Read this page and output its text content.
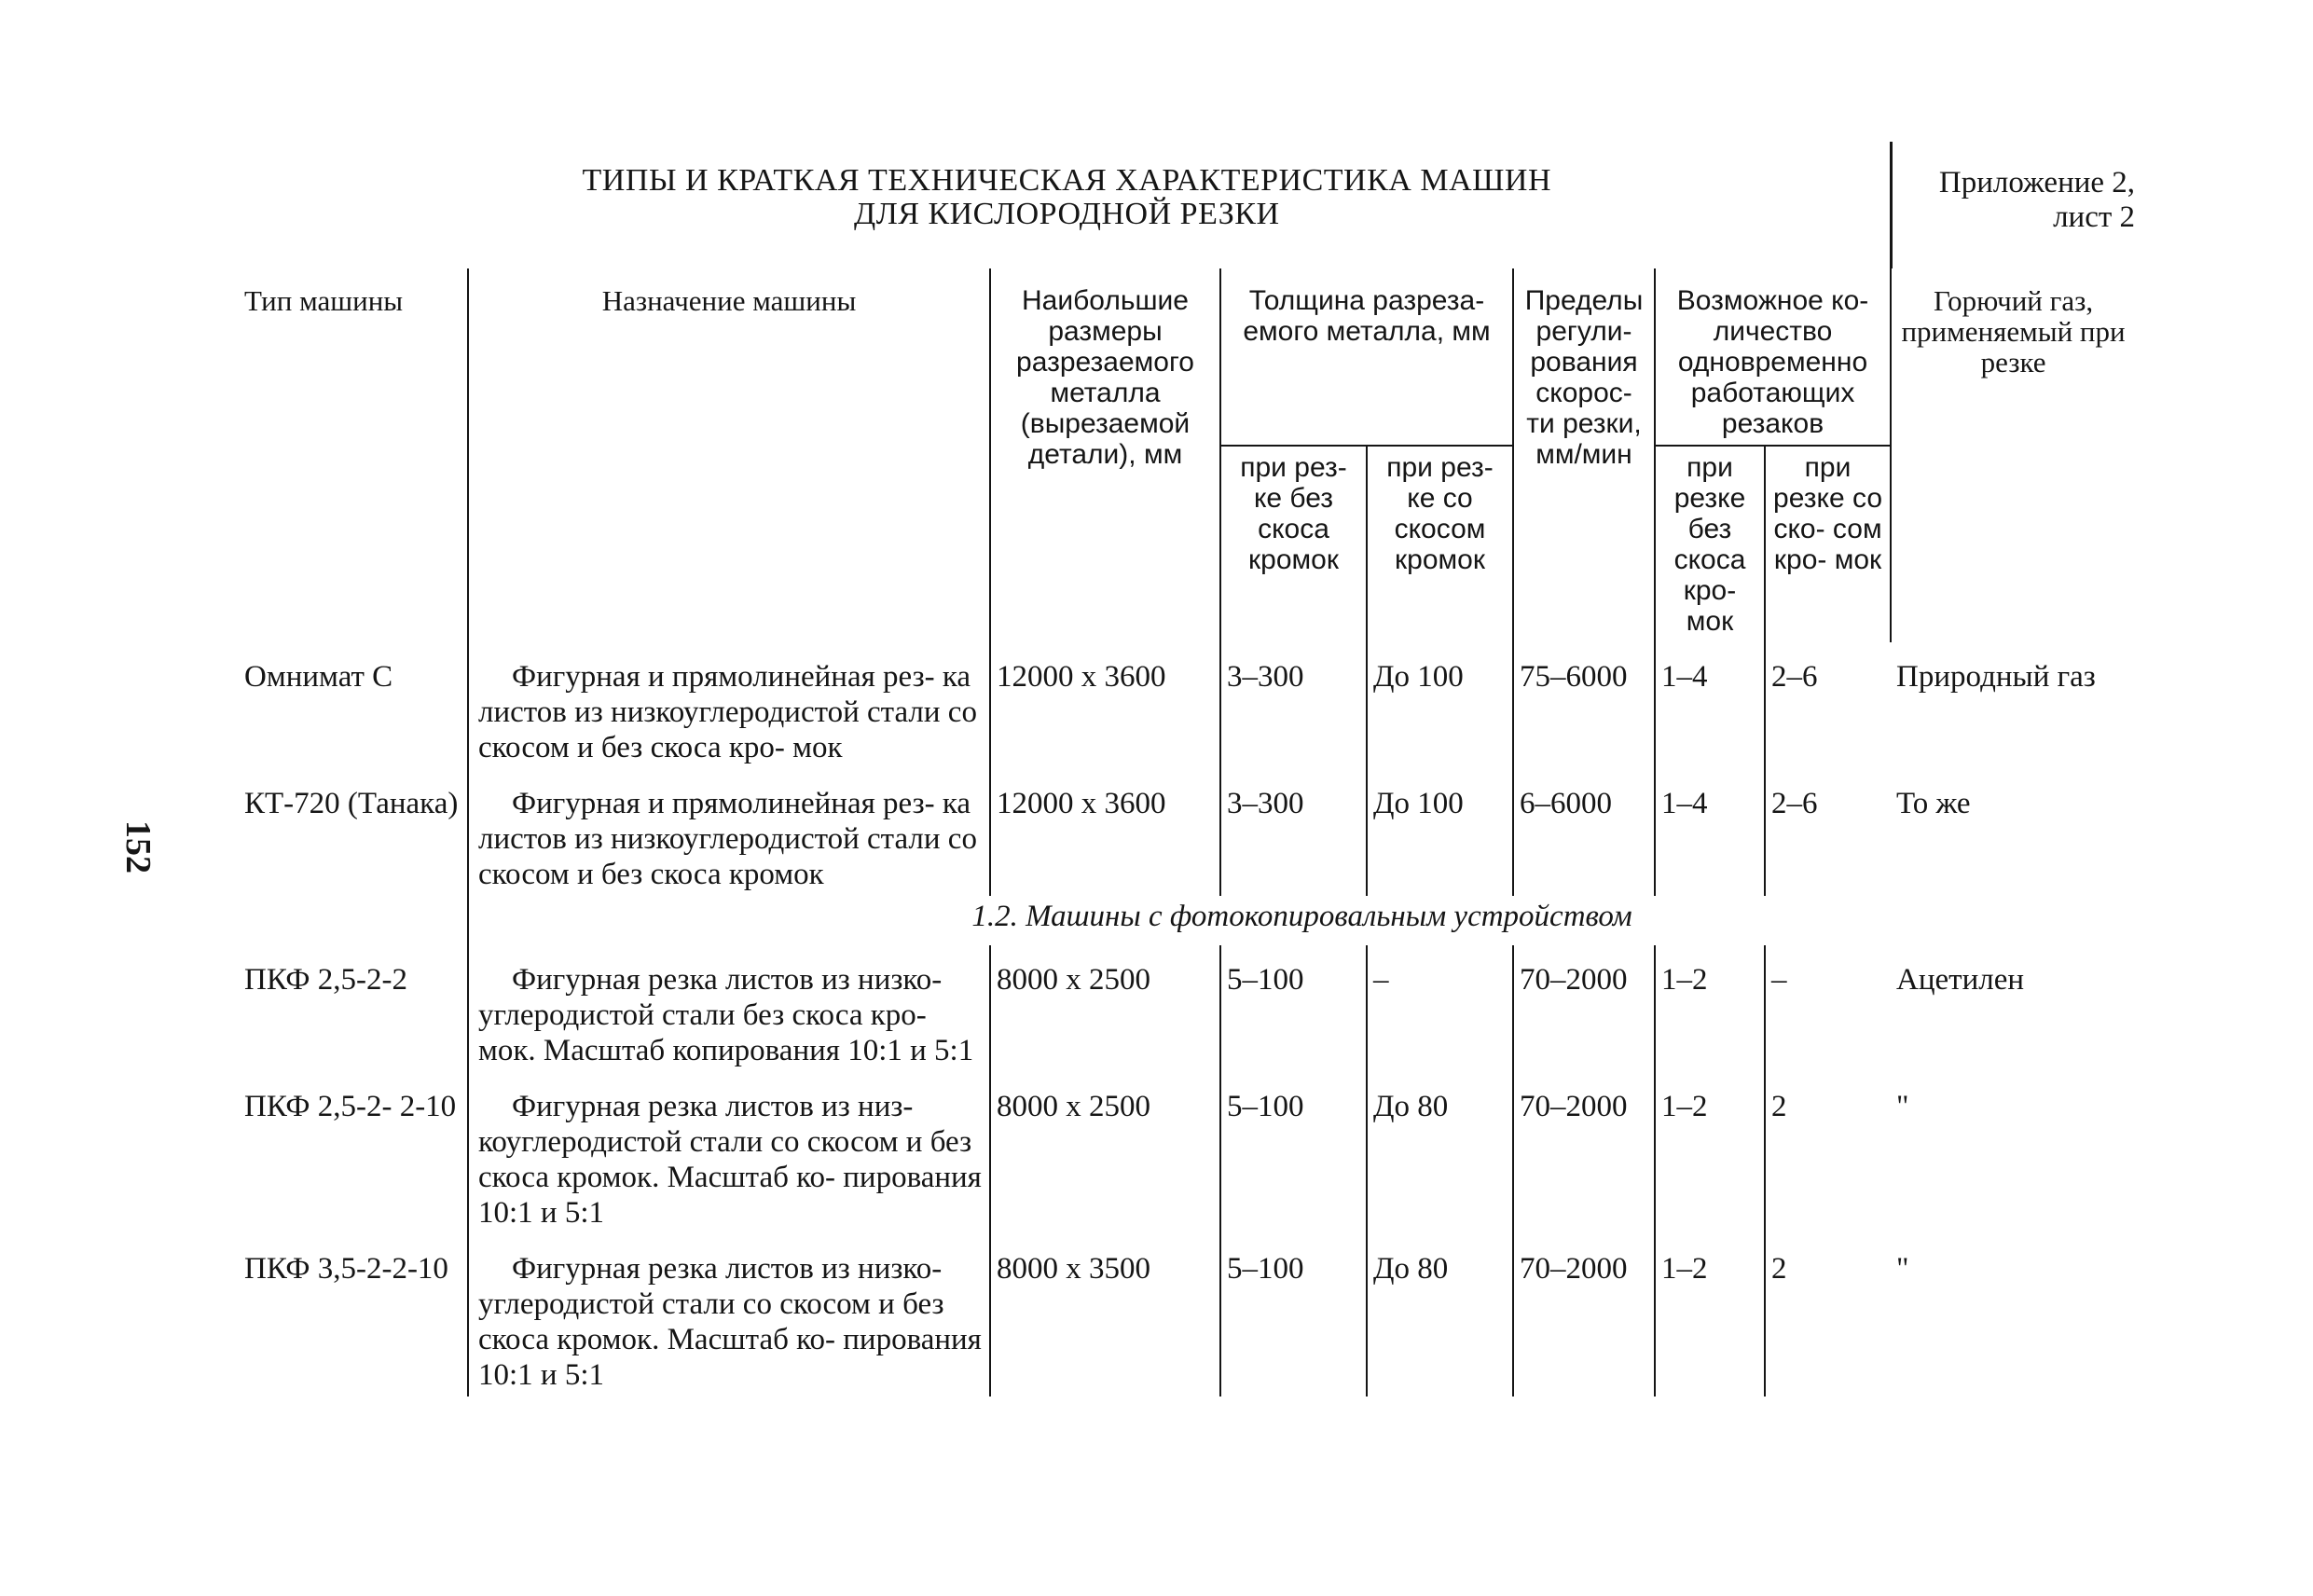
152
ТИПЫ И КРАТКАЯ ТЕХНИЧЕСКАЯ ХАРАКТЕРИСТИКА МАШИН
ДЛЯ КИСЛОРОДНОЙ РЕЗКИ								Приложение 2, лист 2
Тип машины	Назначение машины	Наибольшие размеры разрезаемого металла (вырезаемой детали), мм	Толщина разреза- емого металла, мм		Пределы регули- рования скорос- ти резки, мм/мин	Возможное ко- личество одновременно работающих резаков		Горючий газ, применяемый при резке
			при рез- ке без скоса кромок	при рез- ке со скосом кромок		при резке без скоса кро- мок	при резке со ско- сом кро- мок	

Омнимат С	Фигурная и прямолинейная рез- ка листов из низкоуглеродистой стали со скосом и без скоса кро- мок	12000 x 3600	3–300	До 100	75–6000	1–4	2–6	Природный газ
КТ-720 (Танака)	Фигурная и прямолинейная рез- ка листов из низкоуглеродистой стали со скосом и без скоса кромок	12000 x 3600	3–300	До 100	6–6000	1–4	2–6	То же
	1.2. Машины с фотокопировальным устройством							
ПКФ 2,5-2-2	Фигурная резка листов из низко- углеродистой стали без скоса кро- мок. Масштаб копирования 10:1 и 5:1	8000 x 2500	5–100	–	70–2000	1–2	–	Ацетилен
ПКФ 2,5-2- 2-10	Фигурная резка листов из низ- коуглеродистой стали со скосом и без скоса кромок. Масштаб ко- пирования 10:1 и 5:1	8000 x 2500	5–100	До 80	70–2000	1–2	2	"
ПКФ 3,5-2-2-10	Фигурная резка листов из низко- углеродистой стали со скосом и без скоса кромок. Масштаб ко- пирования 10:1 и 5:1	8000 x 3500	5–100	До 80	70–2000	1–2	2	"
